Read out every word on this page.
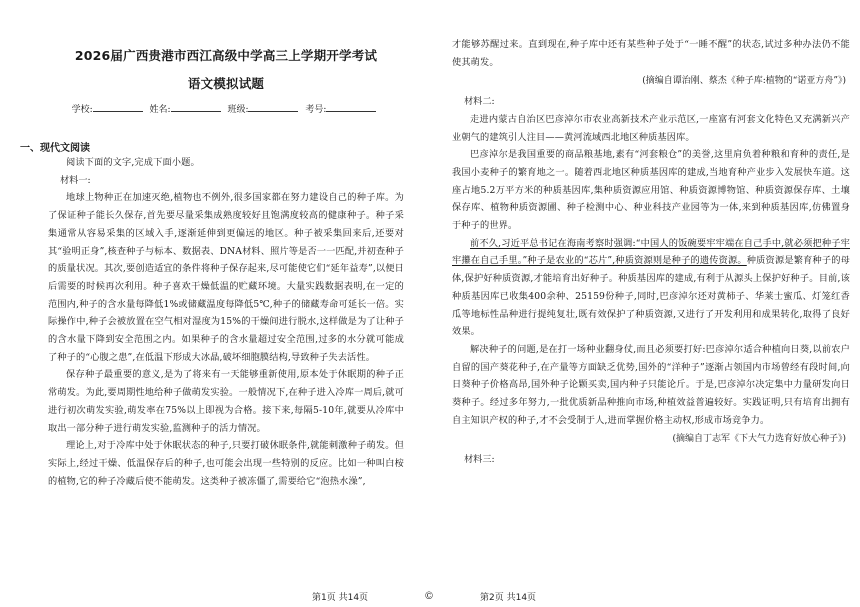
2026届广西贵港市西江高级中学高三上学期开学考试

语文模拟试题

学校:	姓名:	班级:	考号:
一、现代文阅读

阅读下面的文字,完成下面小题。

材料一:

地球上物种正在加速灭绝,植物也不例外,很多国家都在努力建设自己的种子库。为了保证种子能长久保存,首先要尽量采集成熟度较好且饱满度较高的健康种子。种子采集通常从容易采集的区域入手,逐渐延伸到更偏远的地区。种子被采集回来后,还要对其“验明正身”,核查种子与标本、数据表、DNA材料、照片等是否一一匹配,并初查种子的质量状况。其次,要创造适宜的条件将种子保存起来,尽可能使它们“延年益寿”,以便日后需要的时候再次利用。种子喜欢干燥低温的贮藏环境。大量实践数据表明,在一定的范围内,种子的含水量每降低1%或储藏温度每降低5℃,种子的储藏寿命可延长一倍。实际操作中,种子会被放置在空气相对湿度为15%的干燥间进行脱水,这样做是为了让种子的含水量下降到安全范围之内。如果种子的含水量超过安全范围,过多的水分就可能成了种子的“心腹之患”,在低温下形成大冰晶,破坏细胞膜结构,导致种子失去活性。

保存种子最重要的意义,是为了将来有一天能够重新使用,原本处于休眠期的种子正常萌发。为此,要周期性地给种子做萌发实验。一般情况下,在种子进入冷库一周后,就可进行初次萌发实验,萌发率在75%以上即视为合格。接下来,每隔5-10年,就要从冷库中取出一部分种子进行萌发实验,监测种子的活力情况。

理论上,对于冷库中处于休眠状态的种子,只要打破休眠条件,就能刺激种子萌发。但实际上,经过干燥、低温保存后的种子,也可能会出现一些特别的反应。比如一种叫白桉的植物,它的种子冷藏后使不能萌发。这类种子被冻僵了,需要给它“泡热水澡”,

第1页 共14页	©

才能够苏醒过来。直到现在,种子库中还有某些种子处于“一睡不醒”的状态,试过多种办法仍不能使其萌发。

(摘编自谭治刚、蔡杰《种子库:植物的“诺亚方舟”》)

材料二:

走进内蒙古自治区巴彦淖尔市农业高新技术产业示范区,一座富有河套文化特色又充满新兴产业朝气的建筑引人注目——黄河流域西北地区种质基因库。

巴彦淖尔是我国重要的商品粮基地,素有“河套粮仓”的美誉,这里肩负着种粮和育种的责任,是我国小麦种子的繁育地之一。随着西北地区种质基因库的建成,当地育种产业步入发展快车道。这座占地5.2万平方米的种质基因库,集种质资源应用馆、种质资源博物馆、种质资源保存库、土壤保存库、植物种质资源圃、种子检测中心、种业科技产业园等为一体,来到种质基因库,仿佛置身于种子的世界。

前不久,习近平总书记在海南考察时强调:“中国人的饭碗要牢牢端在自己手中,就必须把种子牢牢攥在自己手里。”种子是农业的“芯片”,种质资源则是种子的遗传资源。种质资源是繁育种子的母体,保护好种质资源,才能培育出好种子。种质基因库的建成,有利于从源头上保护好种子。目前,该种质基因库已收集400余种、25159份种子,同时,巴彦淖尔还对黄柿子、华莱士蜜瓜、灯笼红香瓜等地标性品种进行提纯复壮,既有效保护了种质资源,又进行了开发利用和成果转化,取得了良好效果。

解决种子的问题,是在打一场种业翻身仗,而且必须要打好:巴彦淖尔适合种植向日葵,以前农户自留的国产葵花种子,在产量等方面缺乏优势,国外的“洋种子”逐渐占领国内市场曾经有段时间,向日葵种子价格高昂,国外种子论颗买卖,国内种子只能论斤。于是,巴彦淖尔决定集中力量研发向日葵种子。经过多年努力,一批优质新品种推向市场,种植效益普遍较好。实践证明,只有培育出拥有自主知识产权的种子,才不会受制于人,进而掌握价格主动权,形成市场竞争力。

(摘编自丁志军《下大气力选育好放心种子》)

材料三:

第2页 共14页
